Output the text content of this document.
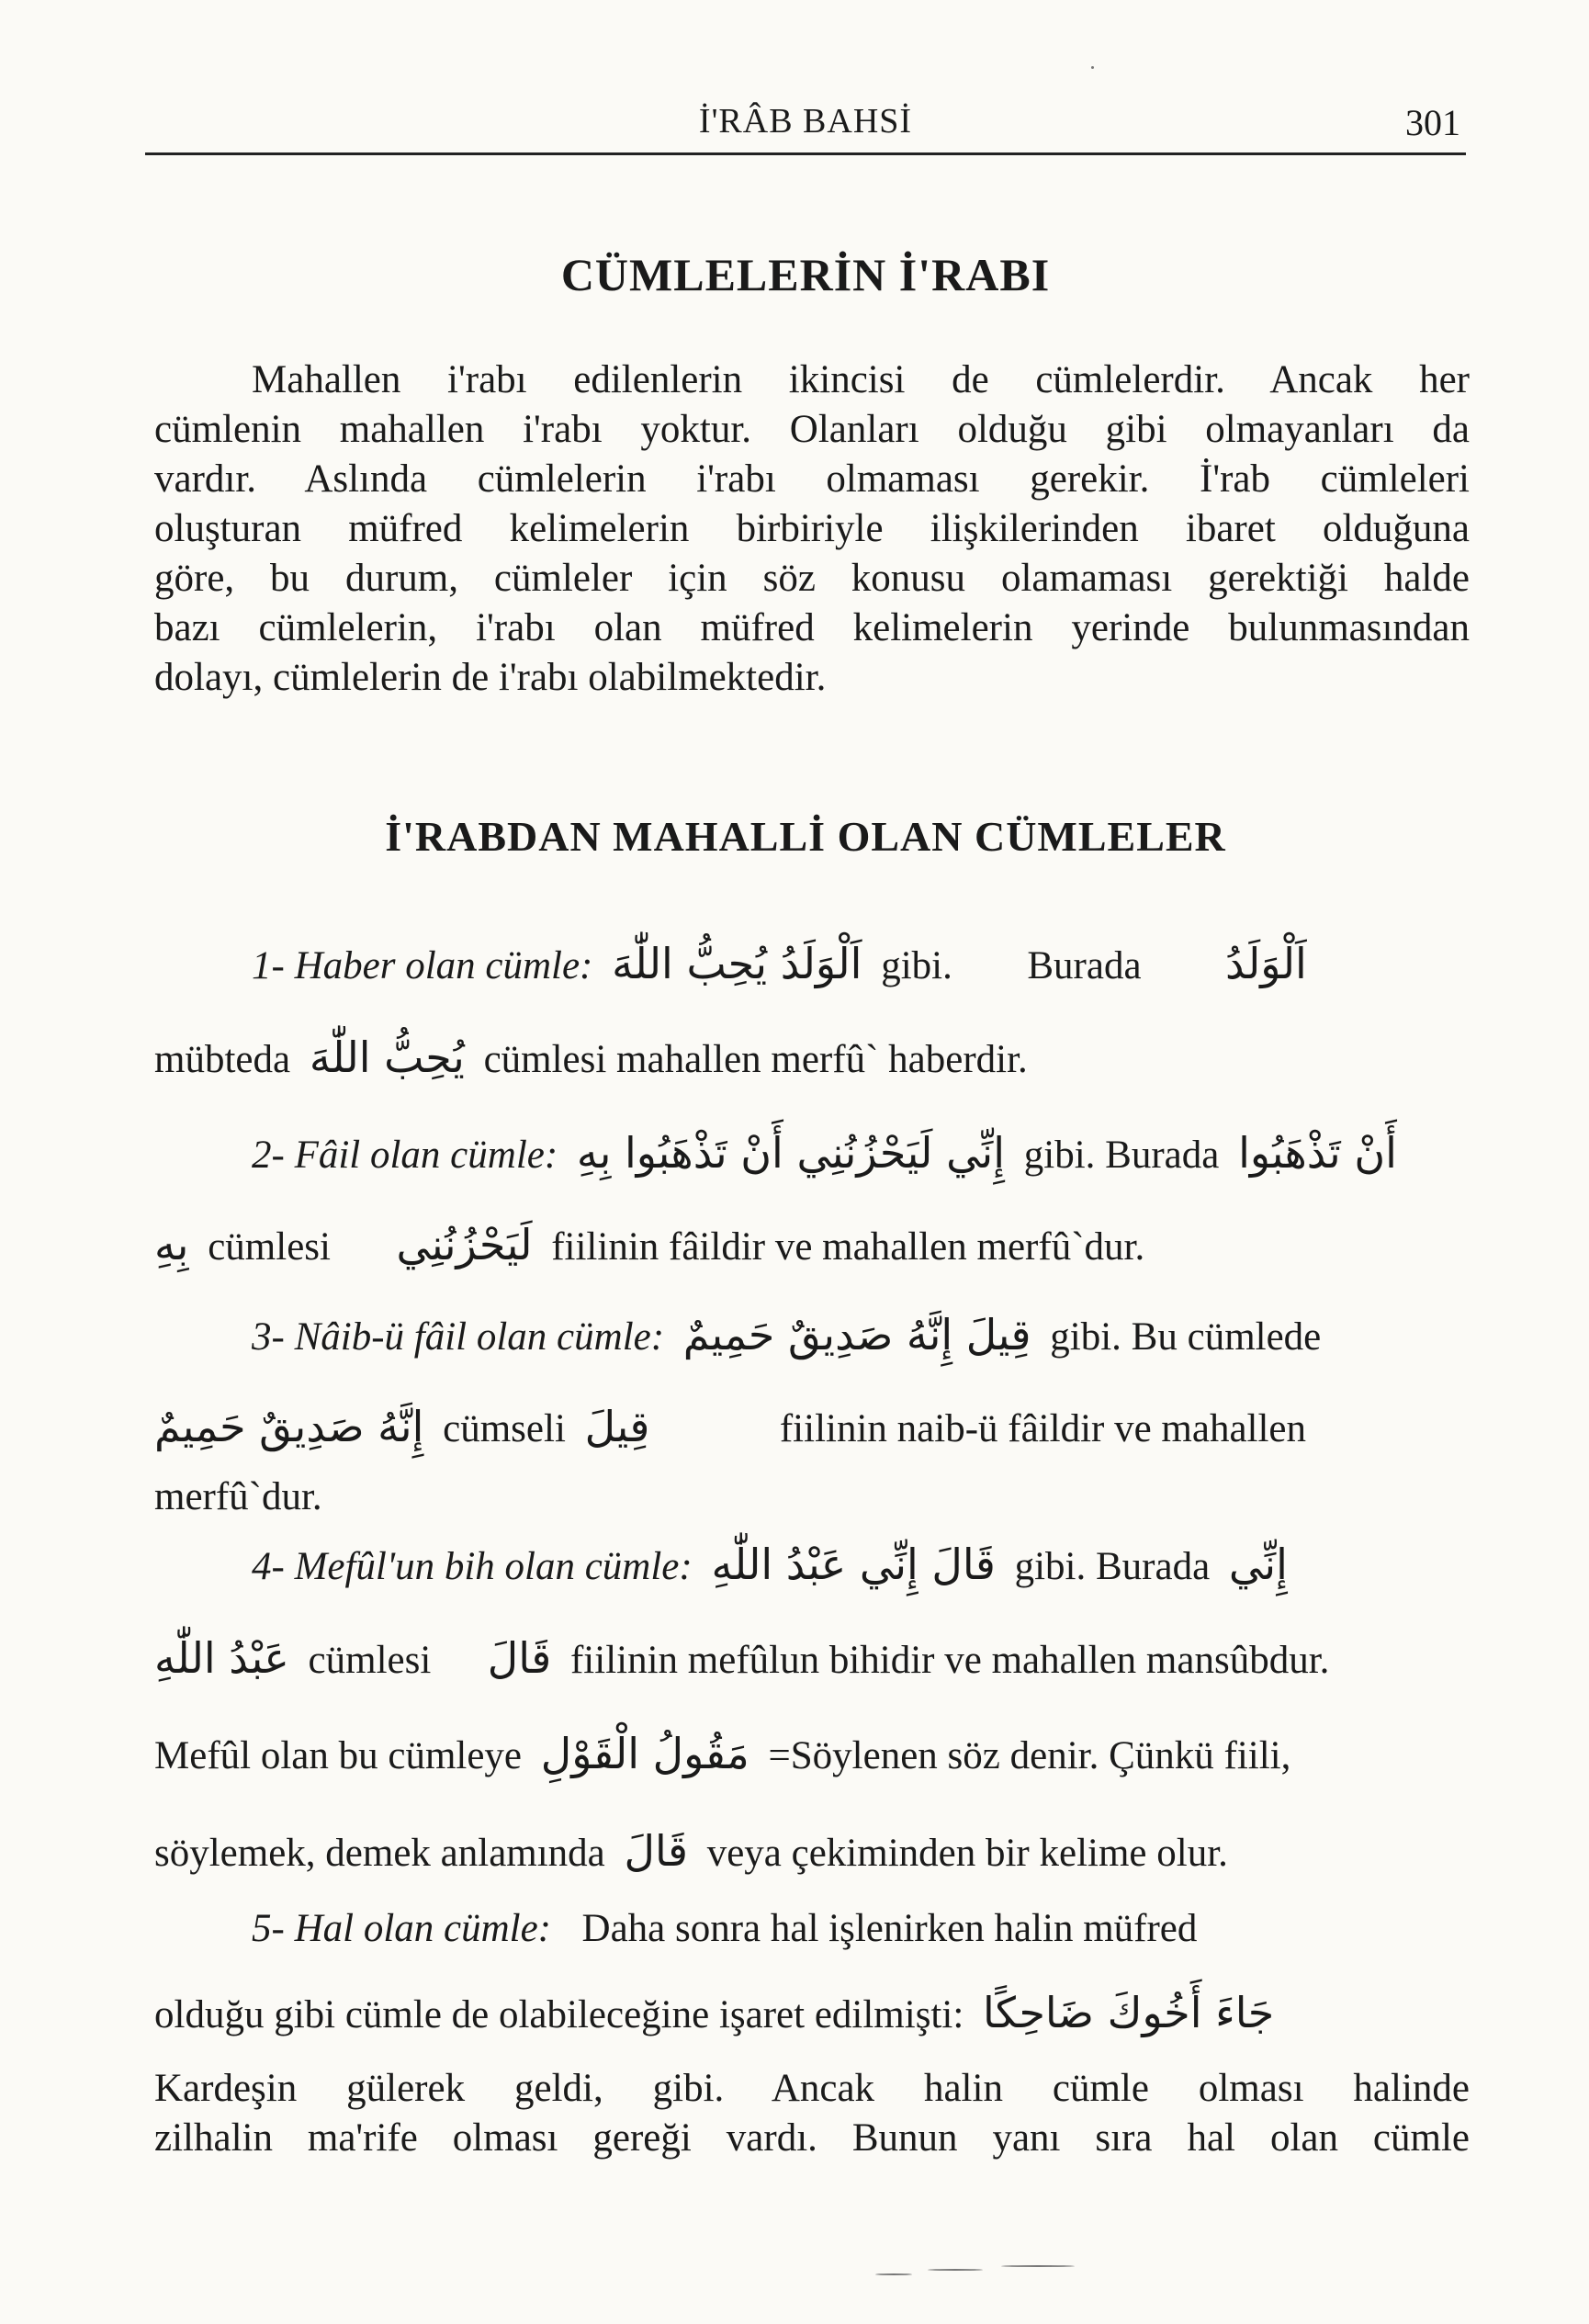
İ'RÂB BAHSİ	301
CÜMLELERİN İ'RABI
Mahallen i'rabı edilenlerin ikincisi de cümlelerdir. Ancak her
cümlenin mahallen i'rabı yoktur. Olanları olduğu gibi olmayanları da
vardır. Aslında cümlelerin i'rabı olmaması gerekir. İ'rab cümleleri
oluşturan müfred kelimelerin birbiriyle ilişkilerinden ibaret olduğuna
göre, bu durum, cümleler için söz konusu olamaması gerektiği halde
bazı cümlelerin, i'rabı olan müfred kelimelerin yerinde bulunmasından
dolayı, cümlelerin de i'rabı olabilmektedir.
İ'RABDAN MAHALLİ OLAN CÜMLELER
1- Haber olan cümle: اَلْوَلَدُ يُحِبُّ اللّٰهَ gibi. Burada اَلْوَلَدُ
mübteda يُحِبُّ اللّٰهَ cümlesi mahallen merfû` haberdir.
2- Fâil olan cümle: إِنِّي لَيَحْزُنُنِي أَنْ تَذْهَبُوا بِهِ gibi. Burada أَنْ تَذْهَبُوا
بِهِ cümlesi لَيَحْزُنُنِي fiilinin fâildir ve mahallen merfû`dur.
3- Nâib-ü fâil olan cümle: قِيلَ إِنَّهُ صَدِيقٌ حَمِيمٌ gibi. Bu cümlede
إِنَّهُ صَدِيقٌ حَمِيمٌ cümseli قِيلَ	fiilinin naib-ü fâildir ve mahallen
merfû`dur.
4- Mefûl'un bih olan cümle: قَالَ إِنِّي عَبْدُ اللّٰهِ gibi. Burada إِنِّي
عَبْدُ اللّٰهِ cümlesi قَالَ fiilinin mefûlun bihidir ve mahallen mansûbdur.
Mefûl olan bu cümleye مَقُولُ الْقَوْلِ =Söylenen söz denir. Çünkü fiili,
söylemek, demek anlamında قَالَ veya çekiminden bir kelime olur.
5- Hal olan cümle: Daha sonra hal işlenirken halin müfred
olduğu gibi cümle de olabileceğine işaret edilmişti: جَاءَ أَخُوكَ ضَاحِكًا
Kardeşin gülerek geldi, gibi. Ancak halin cümle olması halinde
zilhalin ma'rife olması gereği vardı. Bunun yanı sıra hal olan cümle
